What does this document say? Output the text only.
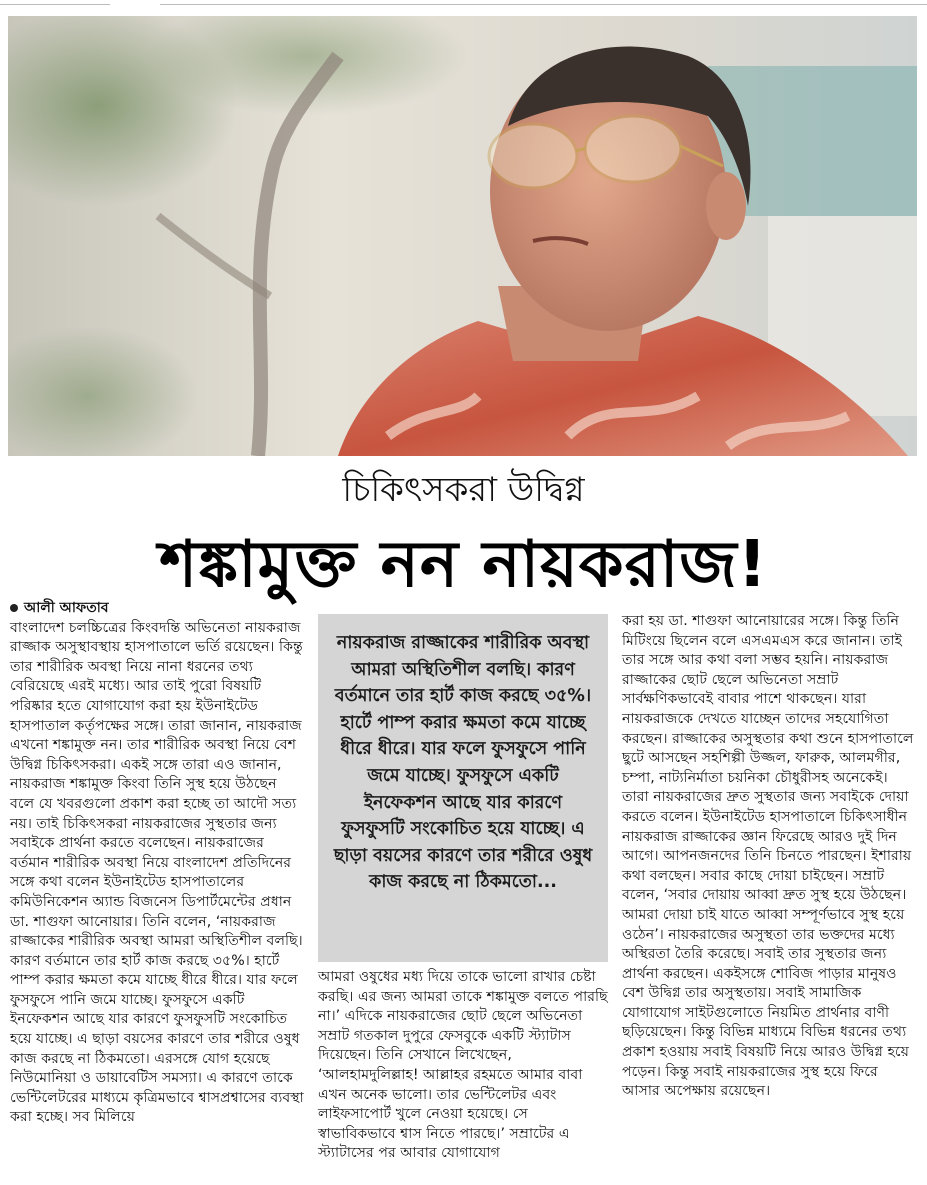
চিকিৎসকরা উদ্বিগ্ন
শঙ্কামুক্ত নন নায়করাজ!

আলী আফতাব

বাংলাদেশ চলচ্চিত্রের কিংবদন্তি অভিনেতা নায়করাজ রাজ্জাক অসুস্থাবস্থায় হাসপাতালে ভর্তি রয়েছেন। কিন্তু তার শারীরিক অবস্থা নিয়ে নানা ধরনের তথ্য বেরিয়েছে এরই মধ্যে। আর তাই পুরো বিষয়টি পরিষ্কার হতে যোগাযোগ করা হয় ইউনাইটেড হাসপাতাল কর্তৃপক্ষের সঙ্গে। তারা জানান, নায়করাজ এখনো শঙ্কামুক্ত নন। তার শারীরিক অবস্থা নিয়ে বেশ উদ্বিগ্ন চিকিৎসকরা। একই সঙ্গে তারা এও জানান, নায়করাজ শঙ্কামুক্ত কিংবা তিনি সুস্থ হয়ে উঠছেন বলে যে খবরগুলো প্রকাশ করা হচ্ছে তা আদৌ সত্য নয়। তাই চিকিৎসকরা নায়করাজের সুস্থতার জন্য সবাইকে প্রার্থনা করতে বলেছেন। নায়করাজের বর্তমান শারীরিক অবস্থা নিয়ে বাংলাদেশ প্রতিদিনের সঙ্গে কথা বলেন ইউনাইটেড হাসপাতালের কমিউনিকেশন অ্যান্ড বিজনেস ডিপার্টমেন্টের প্রধান ডা. শাগুফা আনোয়ার। তিনি বলেন, ‘নায়করাজ রাজ্জাকের শারীরিক অবস্থা আমরা অস্থিতিশীল বলছি। কারণ বর্তমানে তার হার্ট কাজ করছে ৩৫%। হার্টে পাম্প করার ক্ষমতা কমে যাচ্ছে ধীরে ধীরে। যার ফলে ফুসফুসে পানি জমে যাচ্ছে। ফুসফুসে একটি ইনফেকশন আছে যার কারণে ফুসফুসটি সংকোচিত হয়ে যাচ্ছে। এ ছাড়া বয়সের কারণে তার শরীরে ওষুধ কাজ করছে না ঠিকমতো। এরসঙ্গে যোগ হয়েছে নিউমোনিয়া ও ডায়াবেটিস সমস্যা। এ কারণে তাকে ভেন্টিলেটরের মাধ্যমে কৃত্রিমভাবে শ্বাসপ্রশ্বাসের ব্যবস্থা করা হচ্ছে। সব মিলিয়ে

নায়করাজ রাজ্জাকের শারীরিক অবস্থা আমরা অস্থিতিশীল বলছি। কারণ বর্তমানে তার হার্ট কাজ করছে ৩৫%। হার্টে পাম্প করার ক্ষমতা কমে যাচ্ছে ধীরে ধীরে। যার ফলে ফুসফুসে পানি জমে যাচ্ছে। ফুসফুসে একটি ইনফেকশন আছে যার কারণে ফুসফুসটি সংকোচিত হয়ে যাচ্ছে। এ ছাড়া বয়সের কারণে তার শরীরে ওষুধ কাজ করছে না ঠিকমতো...

আমরা ওষুধের মধ্য দিয়ে তাকে ভালো রাখার চেষ্টা করছি। এর জন্য আমরা তাকে শঙ্কামুক্ত বলতে পারছি না।’ এদিকে নায়করাজের ছোট ছেলে অভিনেতা সম্রাট গতকাল দুপুরে ফেসবুকে একটি স্ট্যাটাস দিয়েছেন। তিনি সেখানে লিখেছেন, ‘আলহামদুলিল্লাহ! আল্লাহর রহমতে আমার বাবা এখন অনেক ভালো। তার ভেন্টিলেটর এবং লাইফসাপোর্ট খুলে নেওয়া হয়েছে। সে স্বাভাবিকভাবে শ্বাস নিতে পারছে।’ সম্রাটের এ স্ট্যাটাসের পর আবার যোগাযোগ

করা হয় ডা. শাগুফা আনোয়ারের সঙ্গে। কিন্তু তিনি মিটিংয়ে ছিলেন বলে এসএমএস করে জানান। তাই তার সঙ্গে আর কথা বলা সম্ভব হয়নি। নায়করাজ রাজ্জাকের ছোট ছেলে অভিনেতা সম্রাট সার্বক্ষণিকভাবেই বাবার পাশে থাকছেন। যারা নায়করাজকে দেখতে যাচ্ছেন তাদের সহযোগিতা করছেন। রাজ্জাকের অসুস্থতার কথা শুনে হাসপাতালে ছুটে আসছেন সহশিল্পী উজ্জল, ফারুক, আলমগীর, চম্পা, নাট্যনির্মাতা চয়নিকা চৌধুরীসহ অনেকেই। তারা নায়করাজের দ্রুত সুস্থতার জন্য সবাইকে দোয়া করতে বলেন। ইউনাইটেড হাসপাতালে চিকিৎসাধীন নায়করাজ রাজ্জাকের জ্ঞান ফিরেছে আরও দুই দিন আগে। আপনজনদের তিনি চিনতে পারছেন। ইশারায় কথা বলছেন। সবার কাছে দোয়া চাইছেন। সম্রাট বলেন, ‘সবার দোয়ায় আব্বা দ্রুত সুস্থ হয়ে উঠছেন। আমরা দোয়া চাই যাতে আব্বা সম্পূর্ণভাবে সুস্থ হয়ে ওঠেন’। নায়করাজের অসুস্থতা তার ভক্তদের মধ্যে অস্থিরতা তৈরি করেছে। সবাই তার সুস্থতার জন্য প্রার্থনা করছেন। একইসঙ্গে শোবিজ পাড়ার মানুষও বেশ উদ্বিগ্ন তার অসুস্থতায়। সবাই সামাজিক যোগাযোগ সাইটগুলোতে নিয়মিত প্রার্থনার বাণী ছড়িয়েছেন। কিন্তু বিভিন্ন মাধ্যমে বিভিন্ন ধরনের তথ্য প্রকাশ হওয়ায় সবাই বিষয়টি নিয়ে আরও উদ্বিগ্ন হয়ে পড়েন। কিন্তু সবাই নায়করাজের সুস্থ হয়ে ফিরে আসার অপেক্ষায় রয়েছেন।
